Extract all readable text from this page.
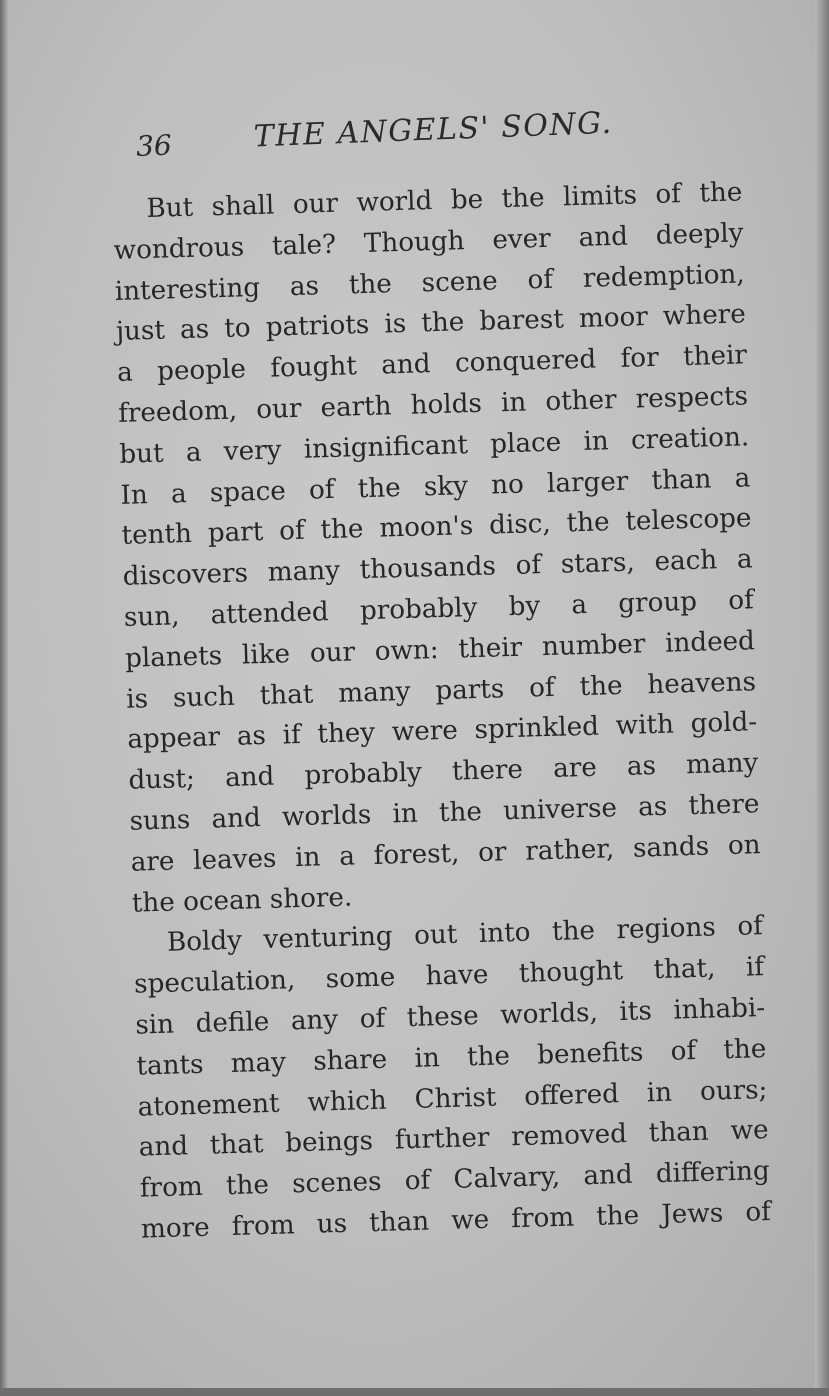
36	THE ANGELS' SONG.
But shall our world be the limits of the
wondrous tale? Though ever and deeply
interesting as the scene of redemption,
just as to patriots is the barest moor where
a people fought and conquered for their
freedom, our earth holds in other respects
but a very insignificant place in creation.
In a space of the sky no larger than a
tenth part of the moon's disc, the telescope
discovers many thousands of stars, each a
sun, attended probably by a group of
planets like our own: their number indeed
is such that many parts of the heavens
appear as if they were sprinkled with gold-
dust; and probably there are as many
suns and worlds in the universe as there
are leaves in a forest, or rather, sands on
the ocean shore.
Boldy venturing out into the regions of
speculation, some have thought that, if
sin defile any of these worlds, its inhabi-
tants may share in the benefits of the
atonement which Christ offered in ours;
and that beings further removed than we
from the scenes of Calvary, and differing
more from us than we from the Jews of
